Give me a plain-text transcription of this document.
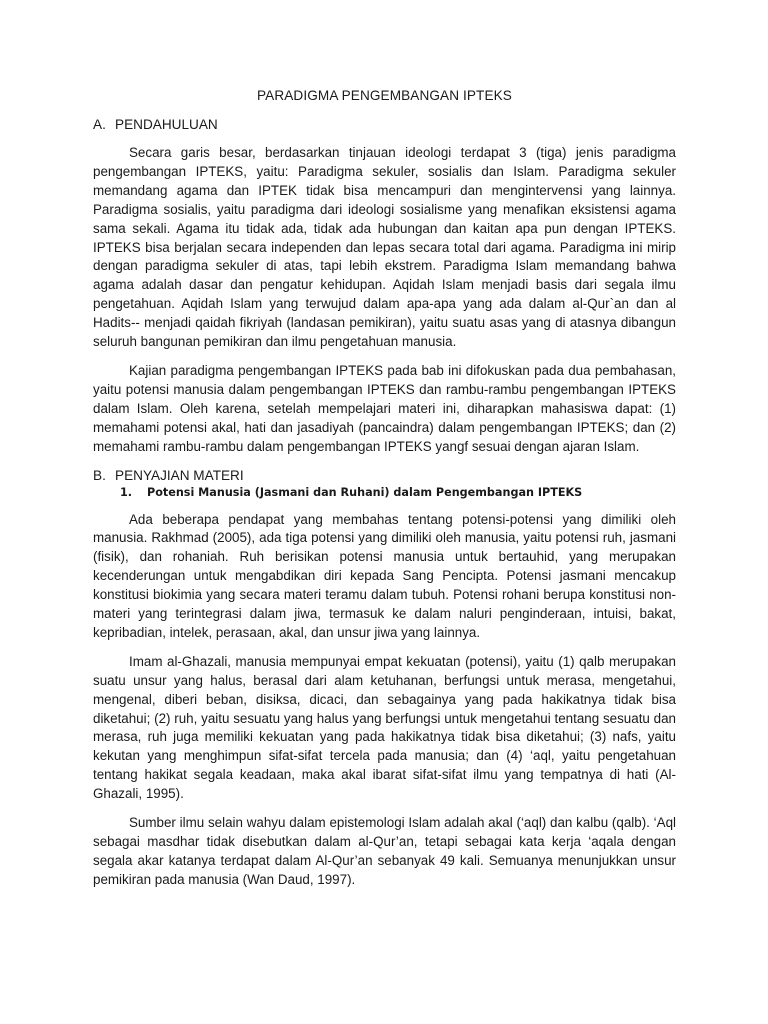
PARADIGMA PENGEMBANGAN IPTEKS
A. PENDAHULUAN

Secara garis besar, berdasarkan tinjauan ideologi terdapat 3 (tiga) jenis paradigma pengembangan IPTEKS, yaitu: Paradigma sekuler, sosialis dan Islam. Paradigma sekuler memandang agama dan IPTEK tidak bisa mencampuri dan mengintervensi yang lainnya. Paradigma sosialis, yaitu paradigma dari ideologi sosialisme yang menafikan eksistensi agama sama sekali. Agama itu tidak ada, tidak ada hubungan dan kaitan apa pun dengan IPTEKS. IPTEKS bisa berjalan secara independen dan lepas secara total dari agama. Paradigma ini mirip dengan paradigma sekuler di atas, tapi lebih ekstrem. Paradigma Islam memandang bahwa agama adalah dasar dan pengatur kehidupan. Aqidah Islam menjadi basis dari segala ilmu pengetahuan. Aqidah Islam yang terwujud dalam apa-apa yang ada dalam al-Qur`an dan al Hadits-- menjadi qaidah fikriyah (landasan pemikiran), yaitu suatu asas yang di atasnya dibangun seluruh bangunan pemikiran dan ilmu pengetahuan manusia.

Kajian paradigma pengembangan IPTEKS pada bab ini difokuskan pada dua pembahasan, yaitu potensi manusia dalam pengembangan IPTEKS dan rambu-rambu pengembangan IPTEKS dalam Islam. Oleh karena, setelah mempelajari materi ini, diharapkan mahasiswa dapat: (1) memahami potensi akal, hati dan jasadiyah (pancaindra) dalam pengembangan IPTEKS; dan (2) memahami rambu-rambu dalam pengembangan IPTEKS yangf sesuai dengan ajaran Islam.

B. PENYAJIAN MATERI
1.	Potensi Manusia (Jasmani dan Ruhani) dalam Pengembangan IPTEKS

Ada beberapa pendapat yang membahas tentang potensi-potensi yang dimiliki oleh manusia. Rakhmad (2005), ada tiga potensi yang dimiliki oleh manusia, yaitu potensi ruh, jasmani (fisik), dan rohaniah. Ruh berisikan potensi manusia untuk bertauhid, yang merupakan kecenderungan untuk mengabdikan diri kepada Sang Pencipta. Potensi jasmani mencakup konstitusi biokimia yang secara materi teramu dalam tubuh. Potensi rohani berupa konstitusi non-materi yang terintegrasi dalam jiwa, termasuk ke dalam naluri penginderaan, intuisi, bakat, kepribadian, intelek, perasaan, akal, dan unsur jiwa yang lainnya.

Imam al-Ghazali, manusia mempunyai empat kekuatan (potensi), yaitu (1) qalb merupakan suatu unsur yang halus, berasal dari alam ketuhanan, berfungsi untuk merasa, mengetahui, mengenal, diberi beban, disiksa, dicaci, dan sebagainya yang pada hakikatnya tidak bisa diketahui; (2) ruh, yaitu sesuatu yang halus yang berfungsi untuk mengetahui tentang sesuatu dan merasa, ruh juga memiliki kekuatan yang pada hakikatnya tidak bisa diketahui; (3) nafs, yaitu kekutan yang menghimpun sifat-sifat tercela pada manusia; dan (4) ‘aql, yaitu pengetahuan tentang hakikat segala keadaan, maka akal ibarat sifat-sifat ilmu yang tempatnya di hati (Al-Ghazali, 1995).

Sumber ilmu selain wahyu dalam epistemologi Islam adalah akal (‘aql) dan kalbu (qalb). ‘Aql sebagai masdhar tidak disebutkan dalam al-Qur’an, tetapi sebagai kata kerja ‘aqala dengan segala akar katanya terdapat dalam Al-Qur’an sebanyak 49 kali. Semuanya menunjukkan unsur pemikiran pada manusia (Wan Daud, 1997).
